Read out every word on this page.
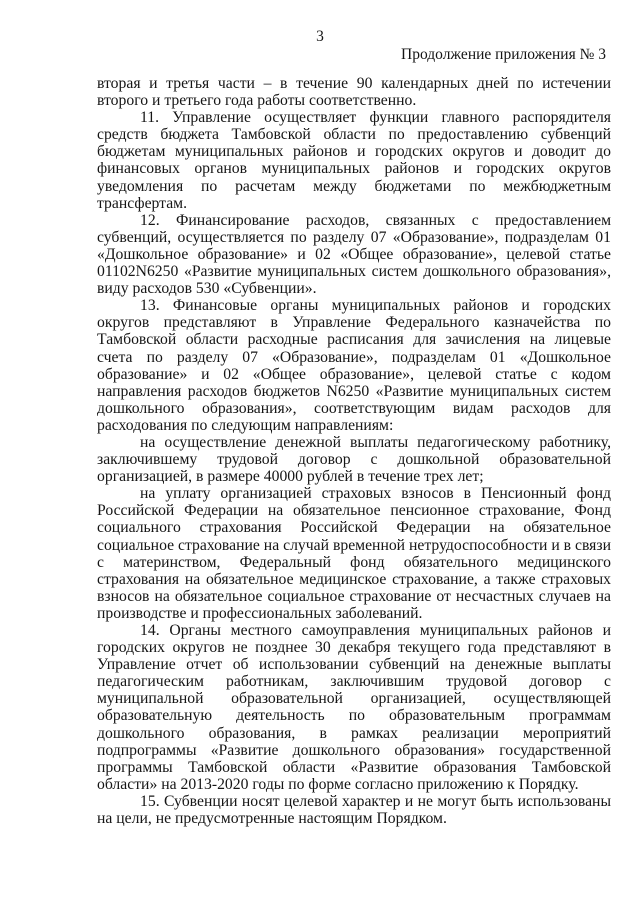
3
Продолжение приложения № 3

вторая и третья части – в течение 90 календарных дней по истечении второго и третьего года работы соответственно.

11. Управление осуществляет функции главного распорядителя средств бюджета Тамбовской области по предоставлению субвенций бюджетам муниципальных районов и городских округов и доводит до финансовых органов муниципальных районов и городских округов уведомления по расчетам между бюджетами по межбюджетным трансфертам.

12. Финансирование расходов, связанных с предоставлением субвенций, осуществляется по разделу 07 «Образование», подразделам 01 «Дошкольное образование» и 02 «Общее образование», целевой статье 01102N6250 «Развитие муниципальных систем дошкольного образования», виду расходов 530 «Субвенции».

13. Финансовые органы муниципальных районов и городских округов представляют в Управление Федерального казначейства по Тамбовской области расходные расписания для зачисления на лицевые счета по разделу 07 «Образование», подразделам 01 «Дошкольное образование» и 02 «Общее образование», целевой статье с кодом направления расходов бюджетов N6250 «Развитие муниципальных систем дошкольного образования», соответствующим видам расходов для расходования по следующим направлениям:

на осуществление денежной выплаты педагогическому работнику, заключившему трудовой договор с дошкольной образовательной организацией, в размере 40000 рублей в течение трех лет;

на уплату организацией страховых взносов в Пенсионный фонд Российской Федерации на обязательное пенсионное страхование, Фонд социального страхования Российской Федерации на обязательное социальное страхование на случай временной нетрудоспособности и в связи с материнством, Федеральный фонд обязательного медицинского страхования на обязательное медицинское страхование, а также страховых взносов на обязательное социальное страхование от несчастных случаев на производстве и профессиональных заболеваний.

14. Органы местного самоуправления муниципальных районов и городских округов не позднее 30 декабря текущего года представляют в Управление отчет об использовании субвенций на денежные выплаты педагогическим работникам, заключившим трудовой договор с муниципальной образовательной организацией, осуществляющей образовательную деятельность по образовательным программам дошкольного образования, в рамках реализации мероприятий подпрограммы «Развитие дошкольного образования» государственной программы Тамбовской области «Развитие образования Тамбовской области» на 2013-2020 годы по форме согласно приложению к Порядку.

15. Субвенции носят целевой характер и не могут быть использованы на цели, не предусмотренные настоящим Порядком.
